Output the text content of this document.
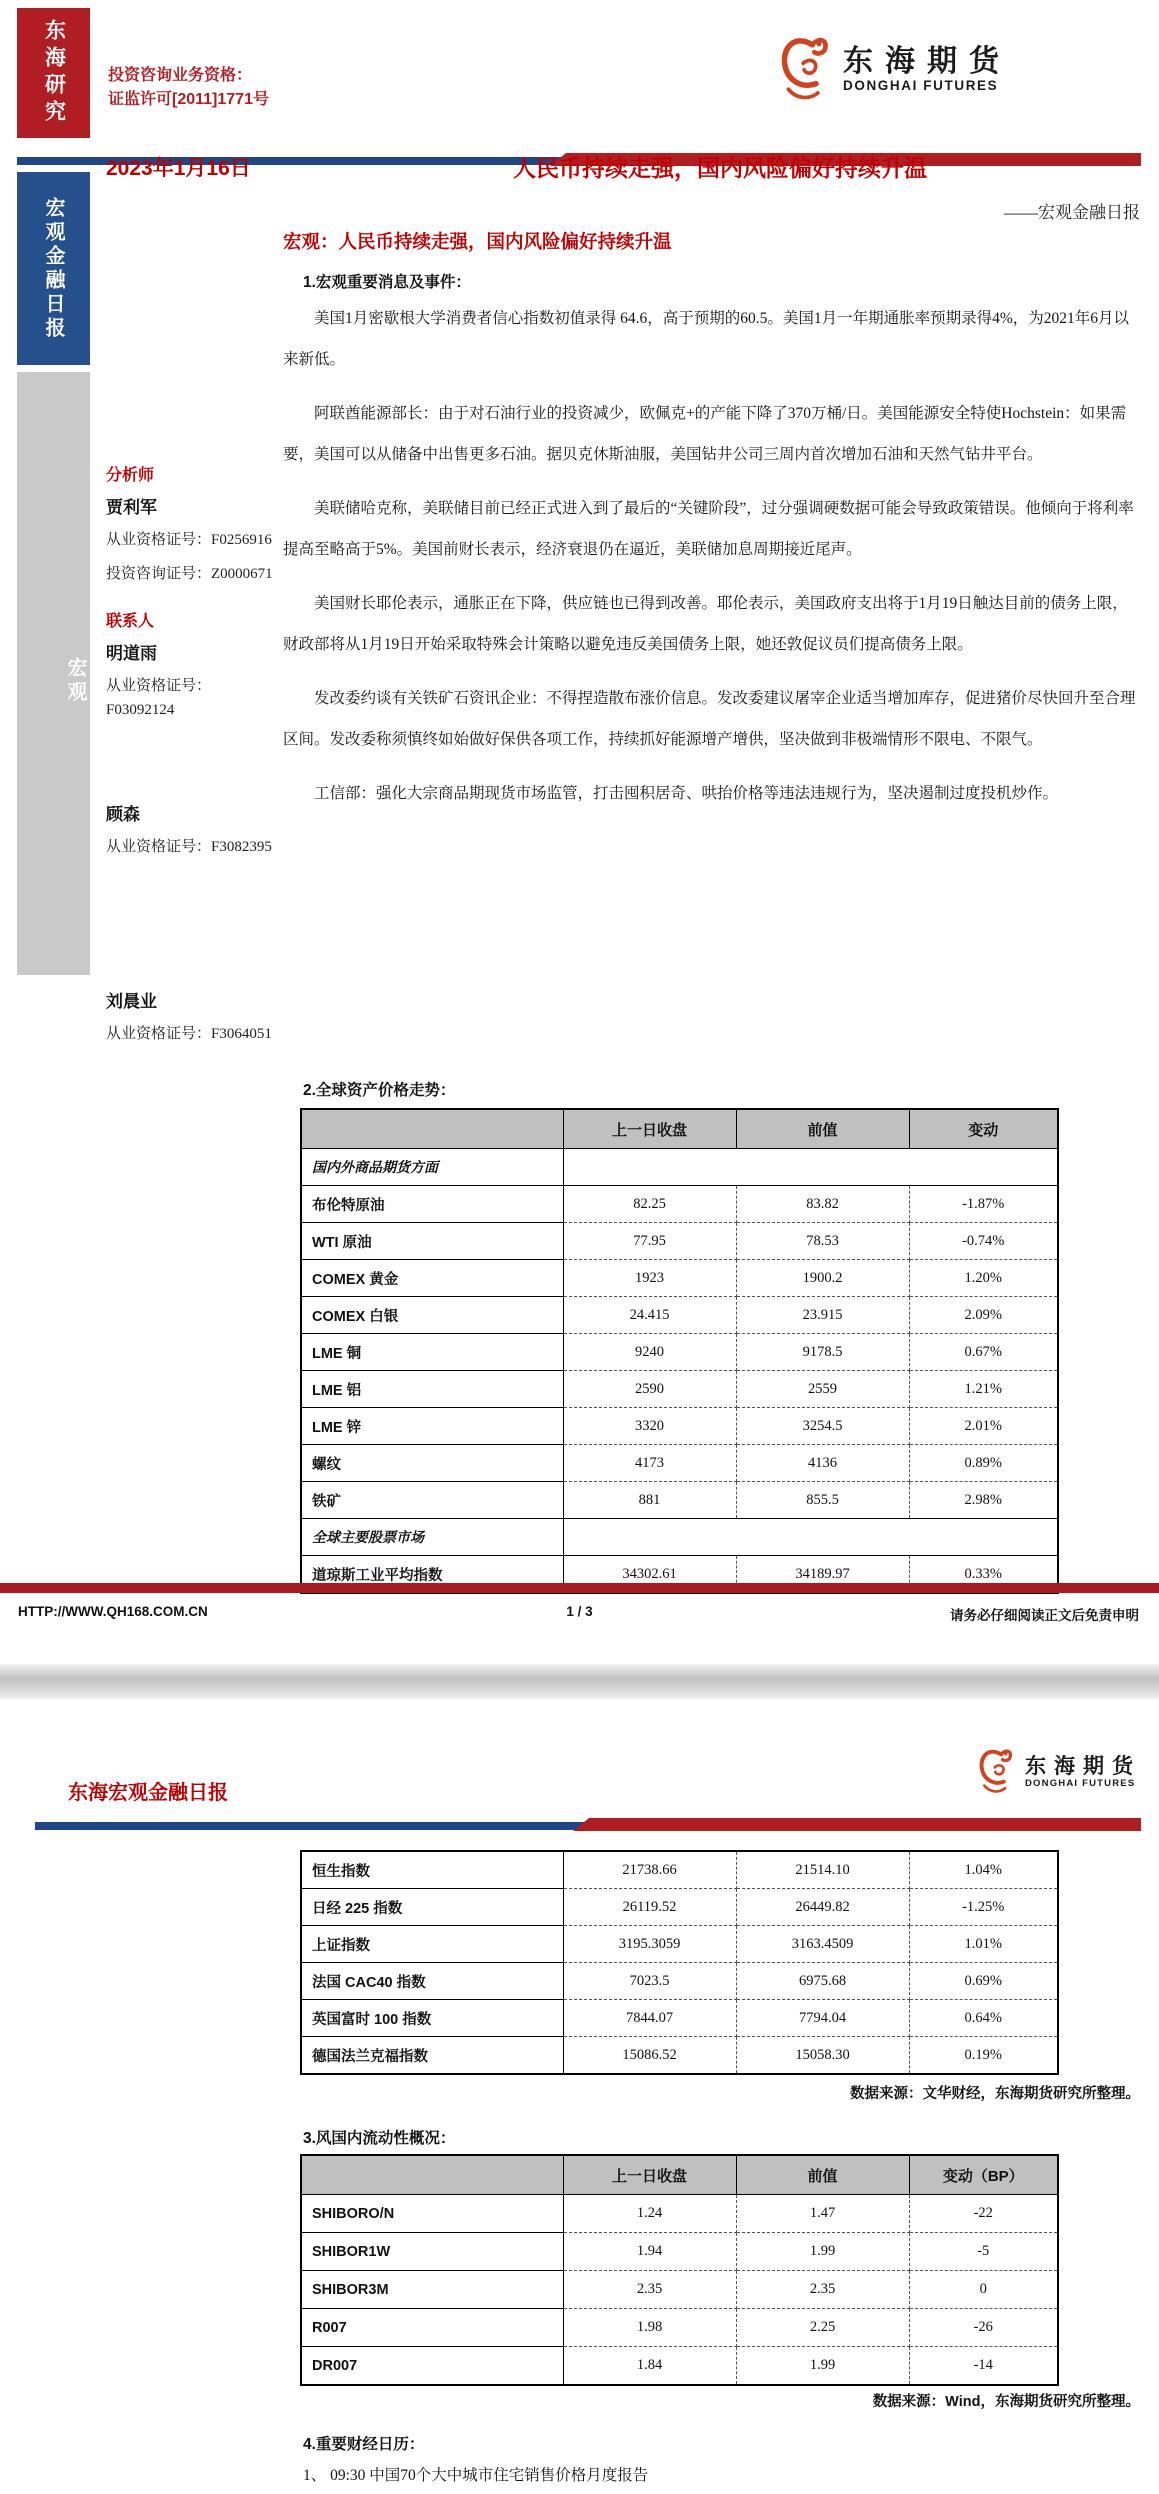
东海研究	投资咨询业务资格：
证监许可[2011]1771号
东海期货
DONGHAI FUTURES
宏观金融日报
宏观
2023年1月16日	人民币持续走强，国内风险偏好持续升温
——宏观金融日报
分析师
贾利军
从业资格证号：F0256916
投资咨询证号：Z0000671
联系人
明道雨
从业资格证号：F03092124
顾森
从业资格证号：F3082395
刘晨业
从业资格证号：F3064051
宏观：人民币持续走强，国内风险偏好持续升温
1.宏观重要消息及事件：

美国1月密歇根大学消费者信心指数初值录得 64.6，高于预期的60.5。美国1月一年期通胀率预期录得4%，为2021年6月以来新低。

阿联酋能源部长：由于对石油行业的投资减少，欧佩克+的产能下降了370万桶/日。美国能源安全特使Hochstein：如果需要，美国可以从储备中出售更多石油。据贝克休斯油服，美国钻井公司三周内首次增加石油和天然气钻井平台。

美联储哈克称，美联储目前已经正式进入到了最后的“关键阶段”，过分强调硬数据可能会导致政策错误。他倾向于将利率提高至略高于5%。美国前财长表示，经济衰退仍在逼近，美联储加息周期接近尾声。

美国财长耶伦表示，通胀正在下降，供应链也已得到改善。耶伦表示，美国政府支出将于1月19日触达目前的债务上限，财政部将从1月19日开始采取特殊会计策略以避免违反美国债务上限，她还敦促议员们提高债务上限。

发改委约谈有关铁矿石资讯企业：不得捏造散布涨价信息。发改委建议屠宰企业适当增加库存，促进猪价尽快回升至合理区间。发改委称须慎终如始做好保供各项工作，持续抓好能源增产增供，坚决做到非极端情形不限电、不限气。

工信部：强化大宗商品期现货市场监管，打击囤积居奇、哄抬价格等违法违规行为，坚决遏制过度投机炒作。

2.全球资产价格走势：
	上一日收盘	前值	变动
国内外商品期货方面			
布伦特原油	82.25	83.82	-1.87%
WTI 原油	77.95	78.53	-0.74%
COMEX 黄金	1923	1900.2	1.20%
COMEX 白银	24.415	23.915	2.09%
LME 铜	9240	9178.5	0.67%
LME 铝	2590	2559	1.21%
LME 锌	3320	3254.5	2.01%
螺纹	4173	4136	0.89%
铁矿	881	855.5	2.98%
全球主要股票市场			
道琼斯工业平均指数	34302.61	34189.97	0.33%
HTTP://WWW.QH168.COM.CN	1 / 3	请务必仔细阅读正文后免责申明
东海宏观金融日报
东海期货
DONGHAI FUTURES
恒生指数	21738.66	21514.10	1.04%
日经 225 指数	26119.52	26449.82	-1.25%
上证指数	3195.3059	3163.4509	1.01%
法国 CAC40 指数	7023.5	6975.68	0.69%
英国富时 100 指数	7844.07	7794.04	0.64%
德国法兰克福指数	15086.52	15058.30	0.19%
数据来源：文华财经，东海期货研究所整理。
3.风国内流动性概况：
	上一日收盘	前值	变动（BP）
SHIBORO/N	1.24	1.47	-22
SHIBOR1W	1.94	1.99	-5
SHIBOR3M	2.35	2.35	0
R007	1.98	2.25	-26
DR007	1.84	1.99	-14
数据来源：Wind，东海期货研究所整理。
4.重要财经日历：
1、 09:30 中国70个大中城市住宅销售价格月度报告
